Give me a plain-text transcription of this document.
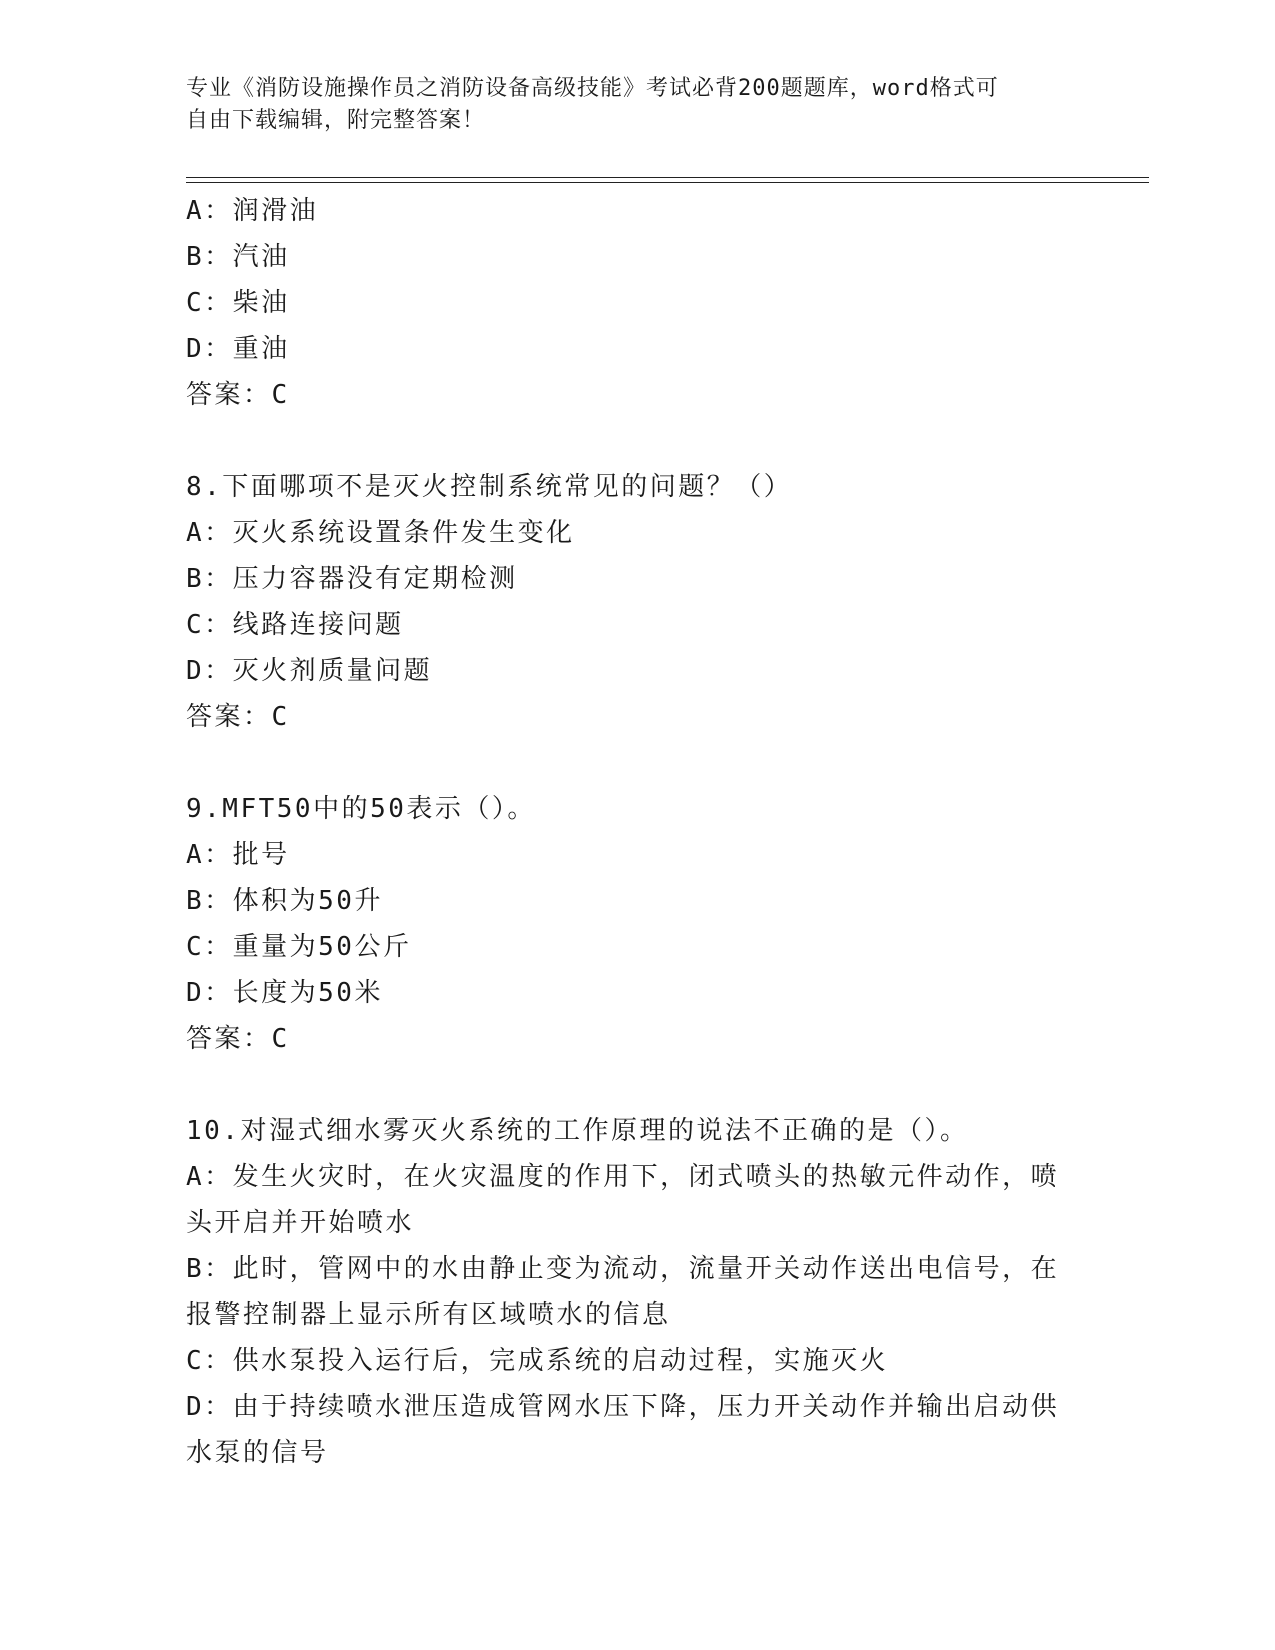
专业《消防设施操作员之消防设备高级技能》考试必背200题题库，word格式可
自由下载编辑，附完整答案！
A：润滑油
B：汽油
C：柴油
D：重油
答案：C
8.下面哪项不是灭火控制系统常见的问题？（）
A：灭火系统设置条件发生变化
B：压力容器没有定期检测
C：线路连接问题
D：灭火剂质量问题
答案：C
9.MFT50中的50表示（）。
A：批号
B：体积为50升
C：重量为50公斤
D：长度为50米
答案：C
10.对湿式细水雾灭火系统的工作原理的说法不正确的是（）。
A：发生火灾时，在火灾温度的作用下，闭式喷头的热敏元件动作，喷头开启并开始喷水
B：此时，管网中的水由静止变为流动，流量开关动作送出电信号，在报警控制器上显示所有区域喷水的信息
C：供水泵投入运行后，完成系统的启动过程，实施灭火
D：由于持续喷水泄压造成管网水压下降，压力开关动作并输出启动供水泵的信号
